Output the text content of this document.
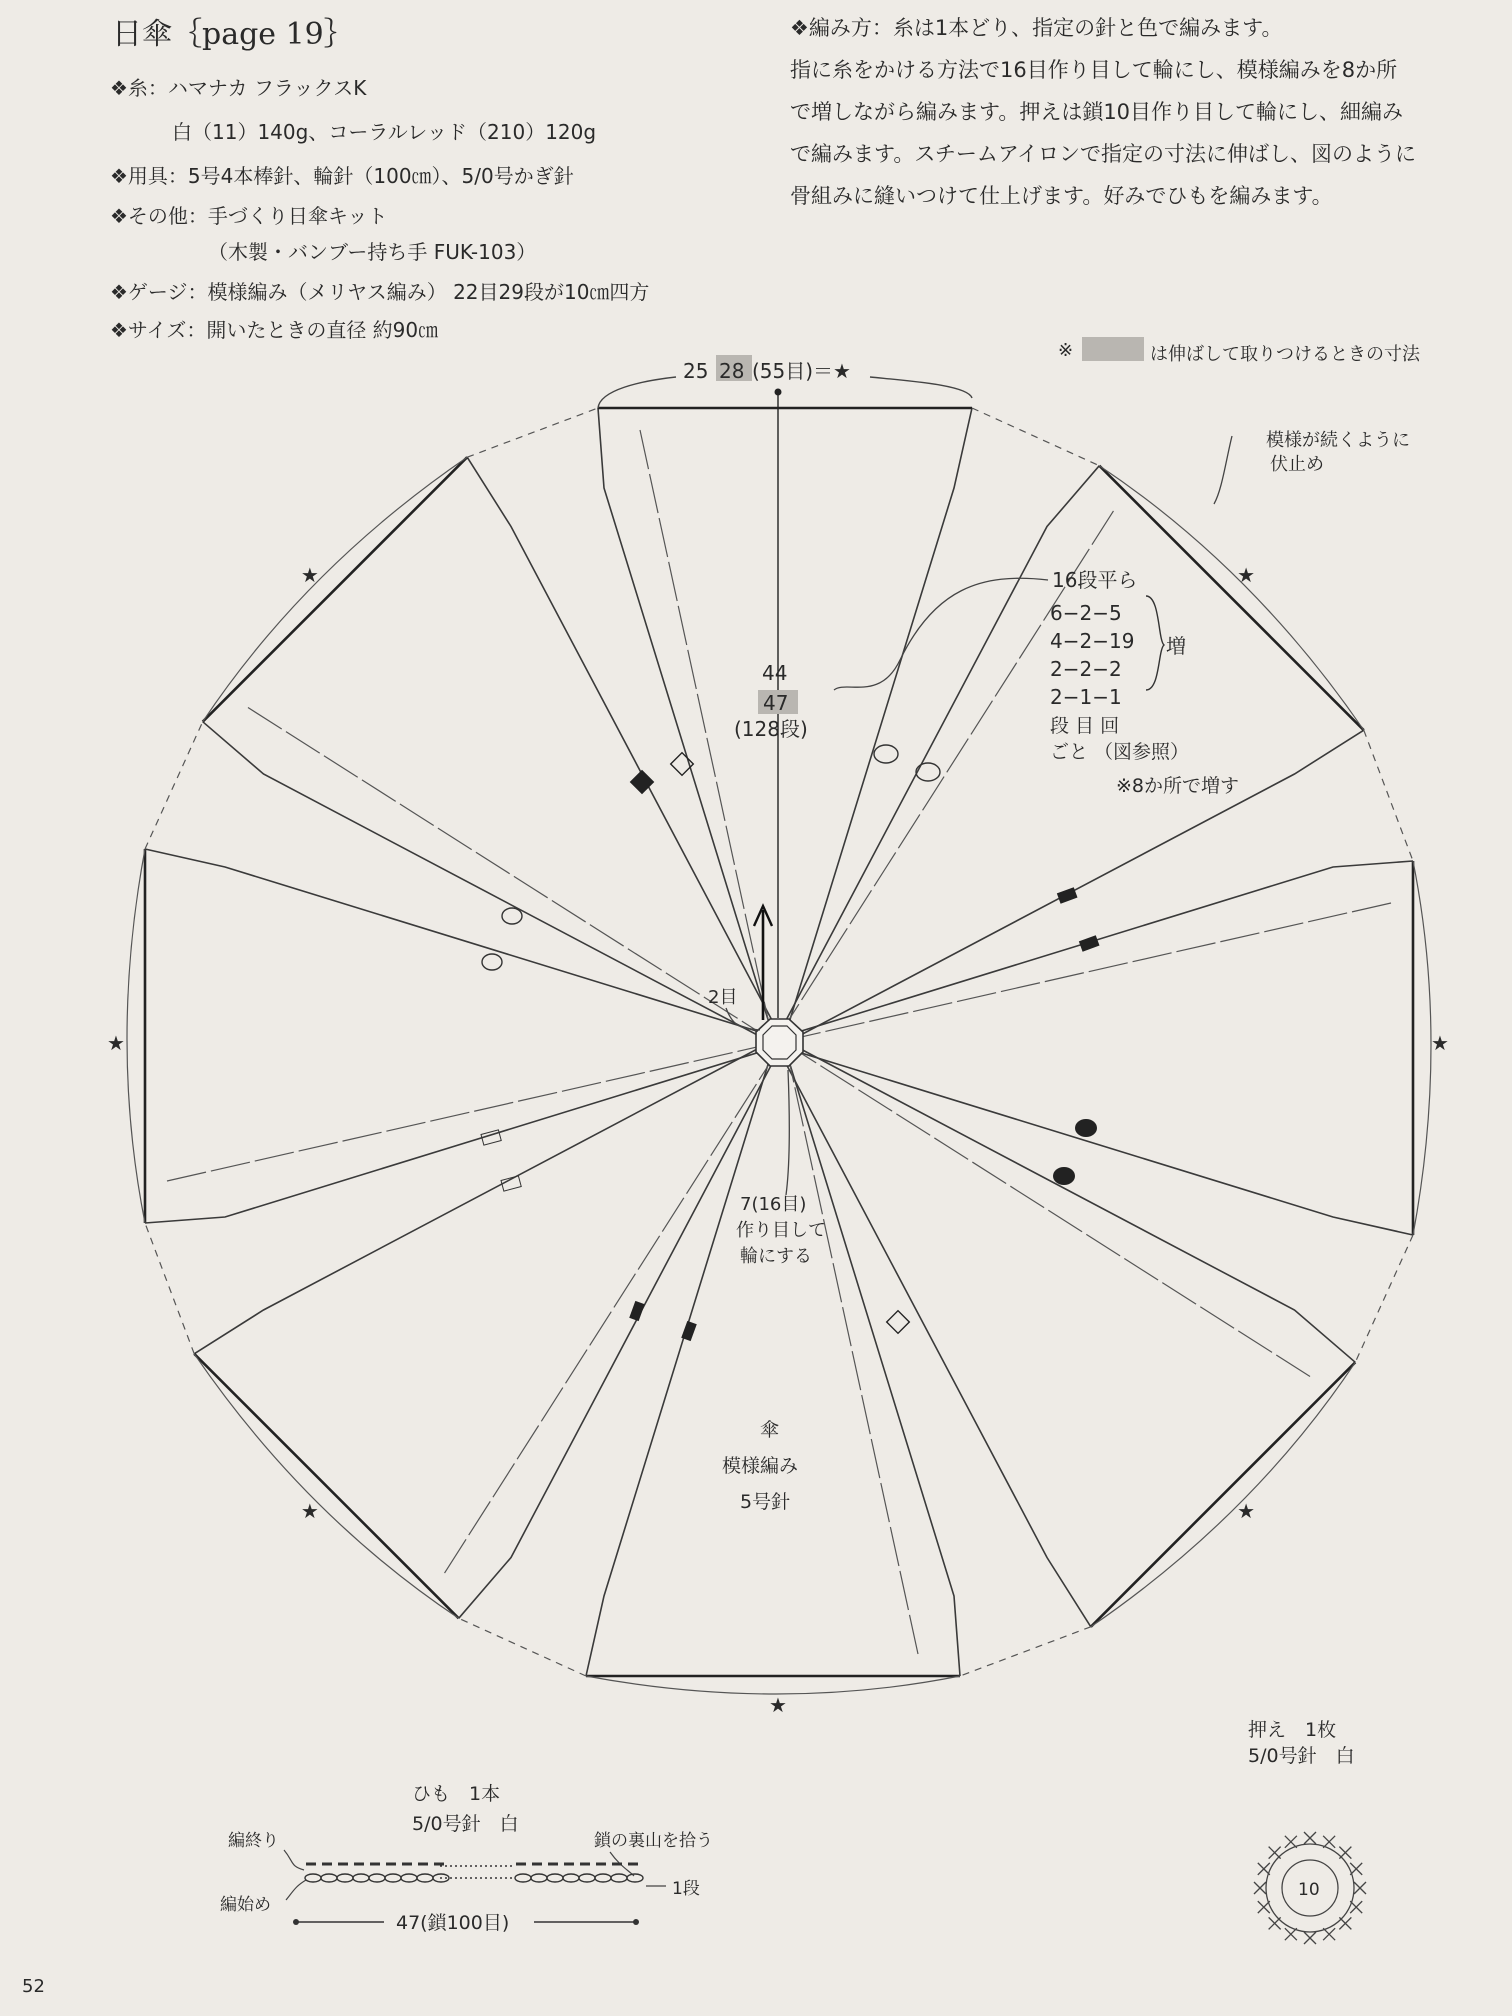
日傘｛page 19｝
❖糸：ハマナカ フラックスK
白（11）140g、コーラルレッド（210）120g
❖用具：5号4本棒針、輪針（100㎝）、5/0号かぎ針
❖その他：手づくり日傘キット
（木製・バンブー持ち手 FUK-103）
❖ゲージ：模様編み（メリヤス編み） 22目29段が10㎝四方
❖サイズ：開いたときの直径 約90㎝
❖編み方：糸は1本どり、指定の針と色で編みます。
指に糸をかける方法で16目作り目して輪にし、模様編みを8か所
で増しながら編みます。押えは鎖10目作り目して輪にし、細編み
で編みます。スチームアイロンで指定の寸法に伸ばし、図のように
骨組みに縫いつけて仕上げます。好みでひもを編みます。
★
★
★
★
★
★
★
25 28 (55目)＝★
※	は伸ばして取りつけるときの寸法
模様が続くように
伏止め
16段平ら
6−2−5
4−2−19
2−2−2
2−1−1
増
段 目 回
ごと （図参照）
※8か所で増す
44
47
(128段)
2目
7(16目)
作り目して
輪にする
傘
模様編み
5号針
押え　1枚
5/0号針　白
10
ひも　1本
5/0号針　白
編終り
編始め
鎖の裏山を拾う
1段
47(鎖100目)
52
